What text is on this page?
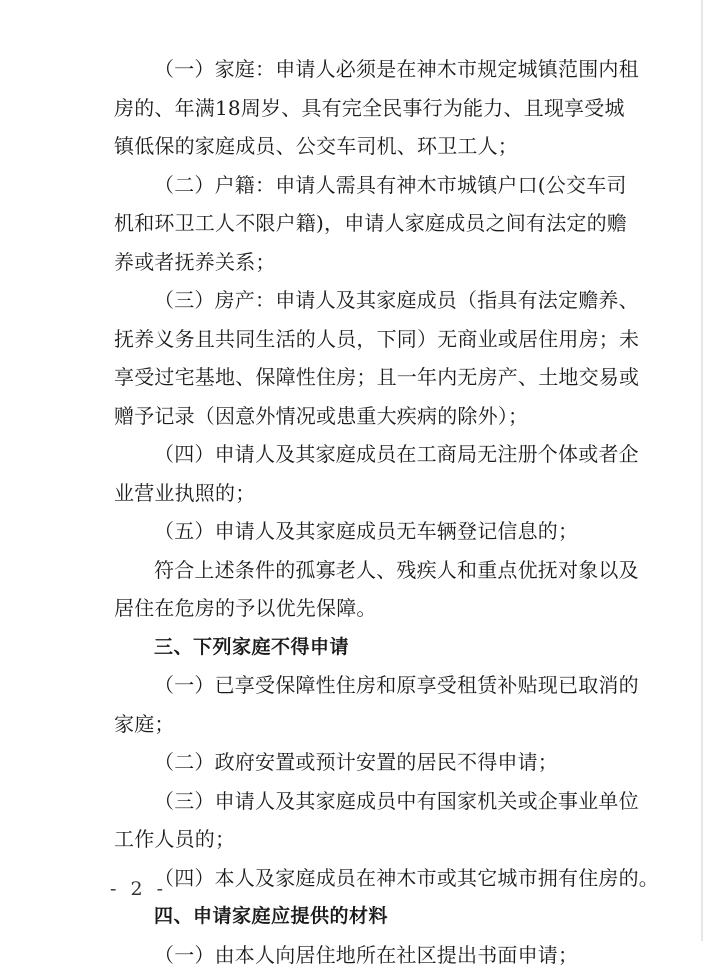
（一）家庭：申请人必须是在神木市规定城镇范围内租
房的、年满18周岁、具有完全民事行为能力、且现享受城
镇低保的家庭成员、公交车司机、环卫工人；
（二）户籍：申请人需具有神木市城镇户口(公交车司
机和环卫工人不限户籍)，申请人家庭成员之间有法定的赡
养或者抚养关系；
（三）房产：申请人及其家庭成员（指具有法定赡养、
抚养义务且共同生活的人员，下同）无商业或居住用房；未
享受过宅基地、保障性住房；且一年内无房产、土地交易或
赠予记录（因意外情况或患重大疾病的除外）；
（四）申请人及其家庭成员在工商局无注册个体或者企
业营业执照的；
（五）申请人及其家庭成员无车辆登记信息的；
符合上述条件的孤寡老人、残疾人和重点优抚对象以及
居住在危房的予以优先保障。
三、下列家庭不得申请
（一）已享受保障性住房和原享受租赁补贴现已取消的
家庭；
（二）政府安置或预计安置的居民不得申请；
（三）申请人及其家庭成员中有国家机关或企事业单位
工作人员的；
（四）本人及家庭成员在神木市或其它城市拥有住房的。
四、申请家庭应提供的材料
（一）由本人向居住地所在社区提出书面申请；
- 2 -
